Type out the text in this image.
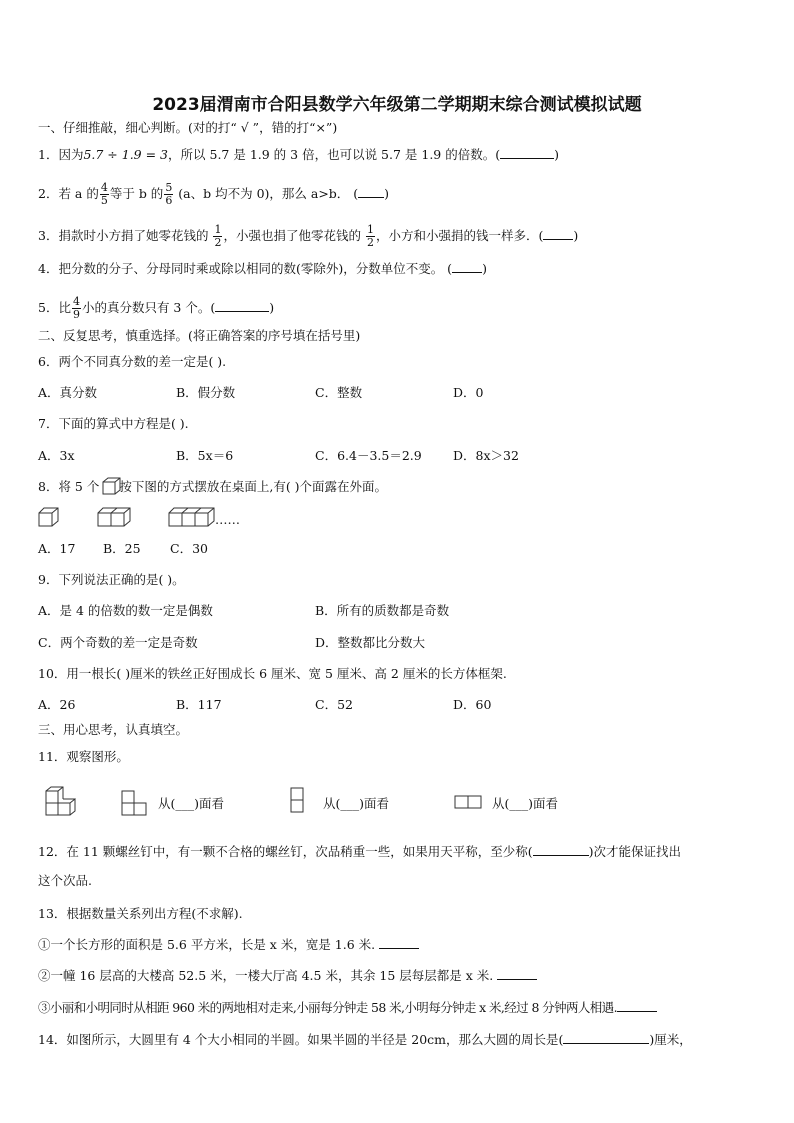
2023届渭南市合阳县数学六年级第二学期期末综合测试模拟试题
一、仔细推敲，细心判断。(对的打“ √ ”，错的打“×”)
1．因为5.7 ÷ 1.9 = 3，所以 5.7 是 1.9 的 3 倍，也可以说 5.7 是 1.9 的倍数。(	)
2．若 a 的 $\frac{4}{5}$ 等于 b 的 $\frac{5}{6} (a$、b 均不为 0)，那么 a>b． ( )
3．捐款时小方捐了她零花钱的 $\frac{1}{2}$ ，小强也捐了他零花钱的 $\frac{1}{2}$ ，小方和小强捐的钱一样多．( )
4．把分数的分子、分母同时乘或除以相同的数(零除外)，分数单位不变。 ( )
5．比 $\frac{4}{9}$ 小的真分数只有 3 个。(	)
二、反复思考，慎重选择。(将正确答案的序号填在括号里)
6．两个不同真分数的差一定是( ).
A．真分数	B．假分数	C．整数	D．0
7．下面的算式中方程是( ).
A．3x	B．5x＝6	C．6.4－3.5＝2.9	D．8x＞32
8．将 5 个 按下图的方式摆放在桌面上,有( )个面露在外面。
……
A．17 B．25 C．30
9．下列说法正确的是( )。
A．是 4 的倍数的数一定是偶数	B．所有的质数都是奇数
C．两个奇数的差一定是奇数	D．整数都比分数大
10．用一根长( )厘米的铁丝正好围成长 6 厘米、宽 5 厘米、高 2 厘米的长方体框架.
A．26	B．117	C．52	D．60
三、用心思考，认真填空。
11．观察图形。
从(___)面看	从(___)面看	从(___)面看
12．在 11 颗螺丝钉中，有一颗不合格的螺丝钉，次品稍重一些，如果用天平称，至少称(	)次才能保证找出
这个次品.
13．根据数量关系列出方程(不求解).
①一个长方形的面积是 5.6 平方米，长是 x 米，宽是 1.6 米.
②一幢 16 层高的大楼高 52.5 米，一楼大厅高 4.5 米，其余 15 层每层都是 x 米.
③小丽和小明同时从相距 960 米的两地相对走来,小丽每分钟走 58 米,小明每分钟走 x 米,经过 8 分钟两人相遇.
14．如图所示，大圆里有 4 个大小相同的半圆。如果半圆的半径是 20cm，那么大圆的周长是(	)厘米，
